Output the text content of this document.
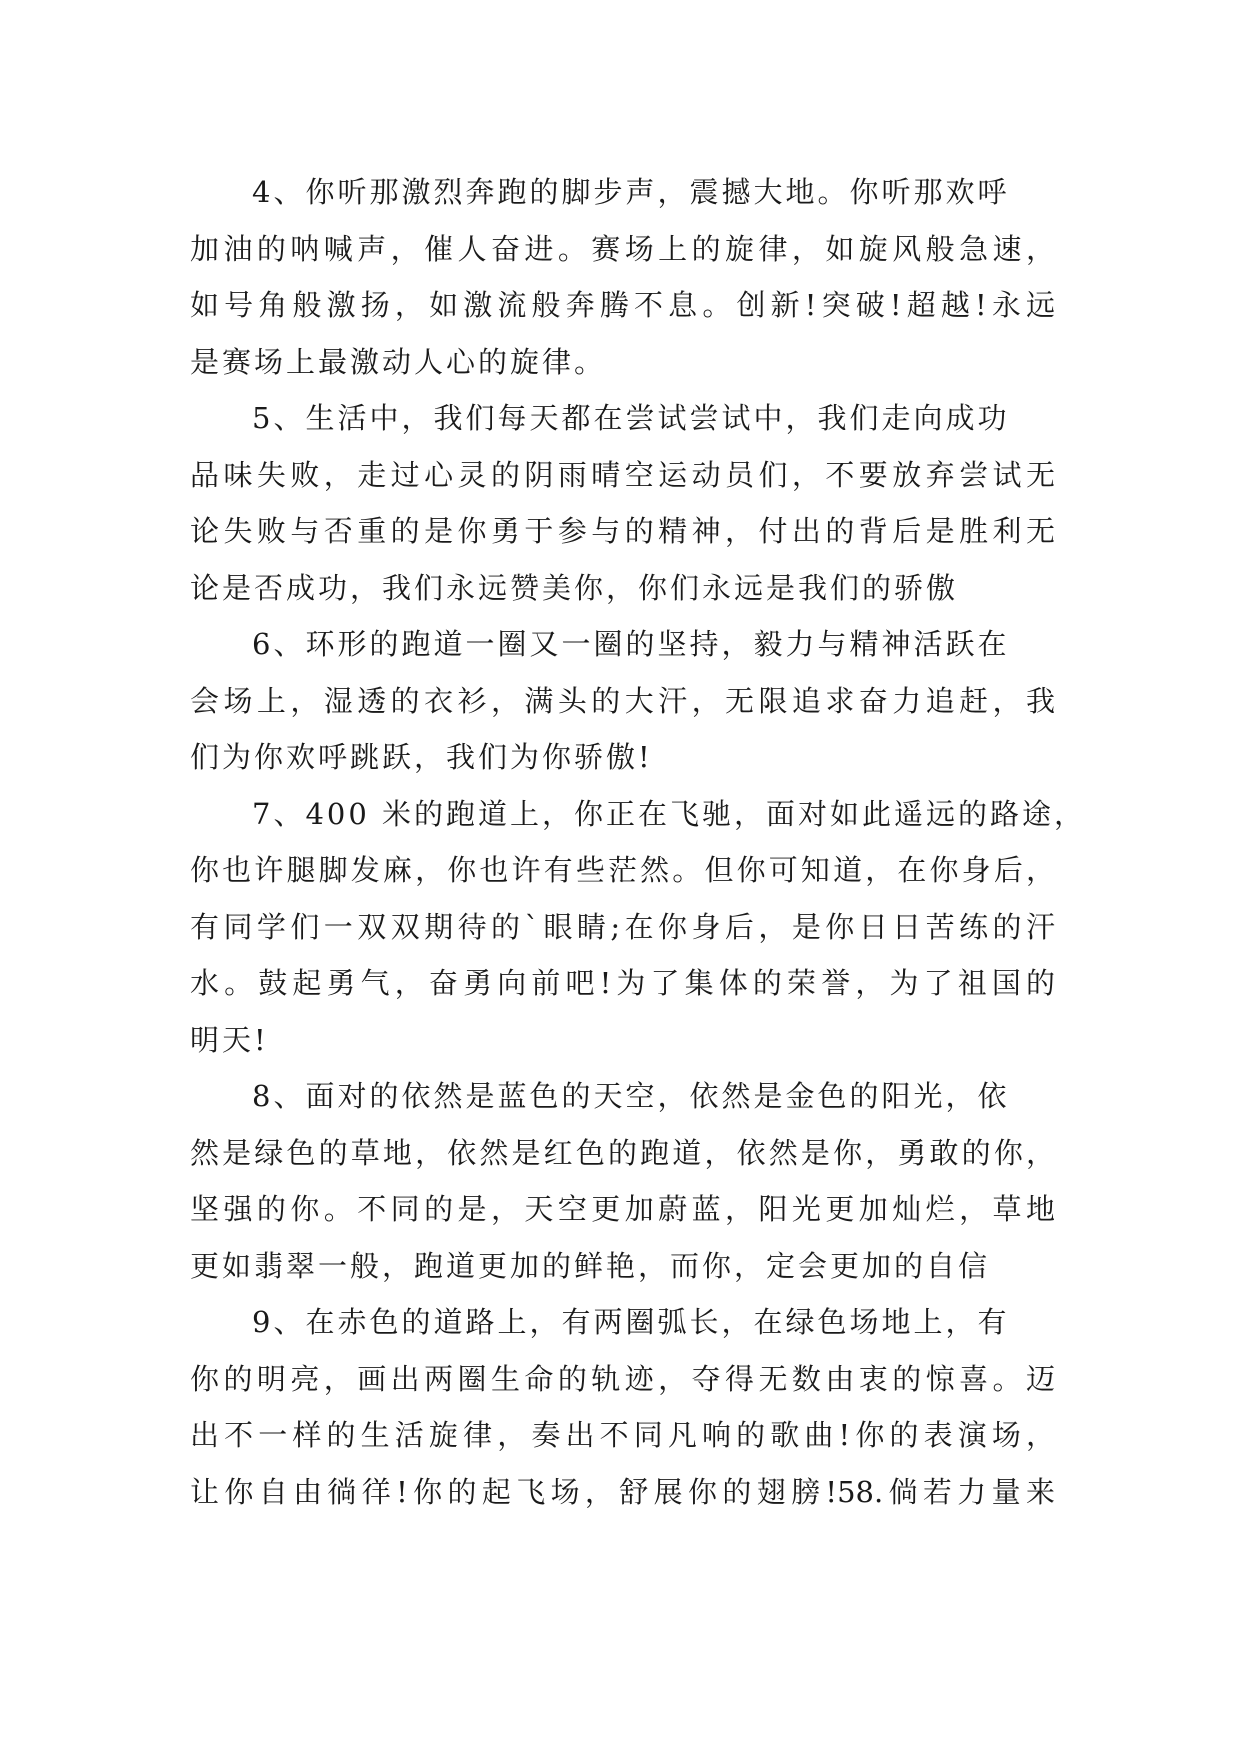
4、你听那激烈奔跑的脚步声，震撼大地。你听那欢呼
加油的呐喊声，催人奋进。赛场上的旋律，如旋风般急速，
如号角般激扬，如激流般奔腾不息。创新!突破!超越!永远
是赛场上最激动人心的旋律。
5、生活中，我们每天都在尝试尝试中，我们走向成功
品味失败，走过心灵的阴雨晴空运动员们，不要放弃尝试无
论失败与否重的是你勇于参与的精神，付出的背后是胜利无
论是否成功，我们永远赞美你，你们永远是我们的骄傲
6、环形的跑道一圈又一圈的坚持，毅力与精神活跃在
会场上，湿透的衣衫，满头的大汗，无限追求奋力追赶，我
们为你欢呼跳跃，我们为你骄傲!
7、400 米的跑道上，你正在飞驰，面对如此遥远的路途，
你也许腿脚发麻，你也许有些茫然。但你可知道，在你身后，
有同学们一双双期待的`眼睛;在你身后，是你日日苦练的汗
水。鼓起勇气，奋勇向前吧!为了集体的荣誉，为了祖国的
明天!
8、面对的依然是蓝色的天空，依然是金色的阳光，依
然是绿色的草地，依然是红色的跑道，依然是你，勇敢的你，
坚强的你。不同的是，天空更加蔚蓝，阳光更加灿烂，草地
更如翡翠一般，跑道更加的鲜艳，而你，定会更加的自信
9、在赤色的道路上，有两圈弧长，在绿色场地上，有
你的明亮，画出两圈生命的轨迹，夺得无数由衷的惊喜。迈
出不一样的生活旋律，奏出不同凡响的歌曲!你的表演场，
让你自由徜徉!你的起飞场，舒展你的翅膀!58.倘若力量来
